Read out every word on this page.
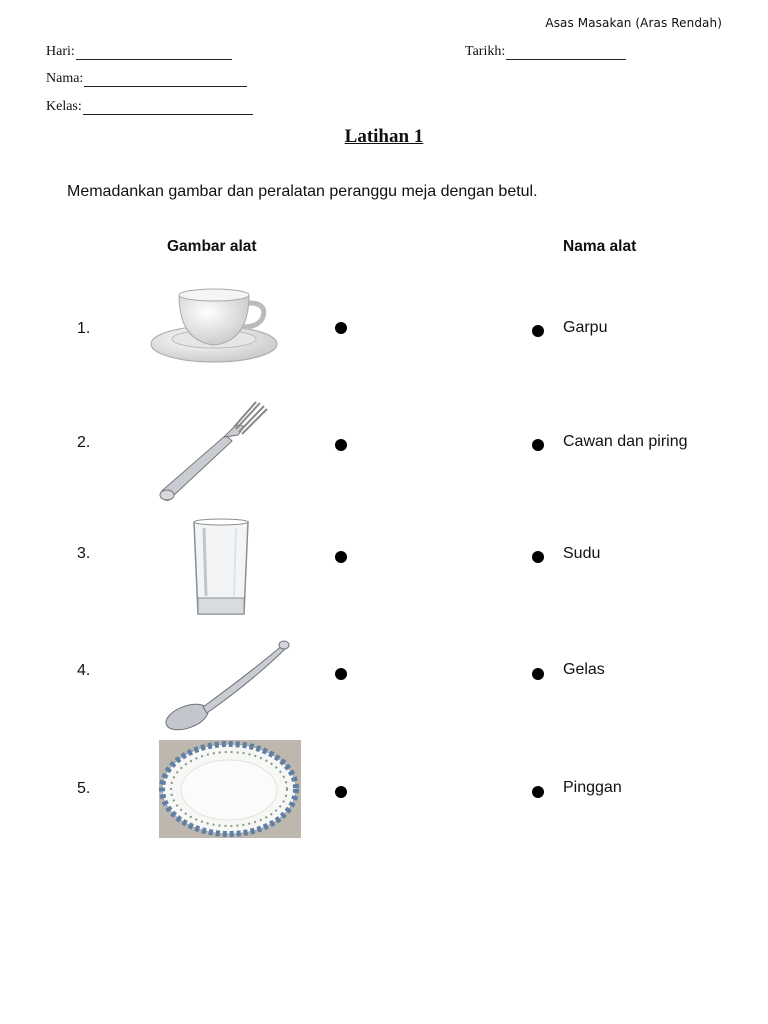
Asas Masakan (Aras Rendah)
Hari:	Tarikh:
Nama:
Kelas:
Latihan 1
Memadankan gambar dan peralatan peranggu meja dengan betul.
Gambar alat	Nama alat
1.	Garpu
2.	Cawan dan piring
3.	Sudu
4.	Gelas
5.	Pinggan
